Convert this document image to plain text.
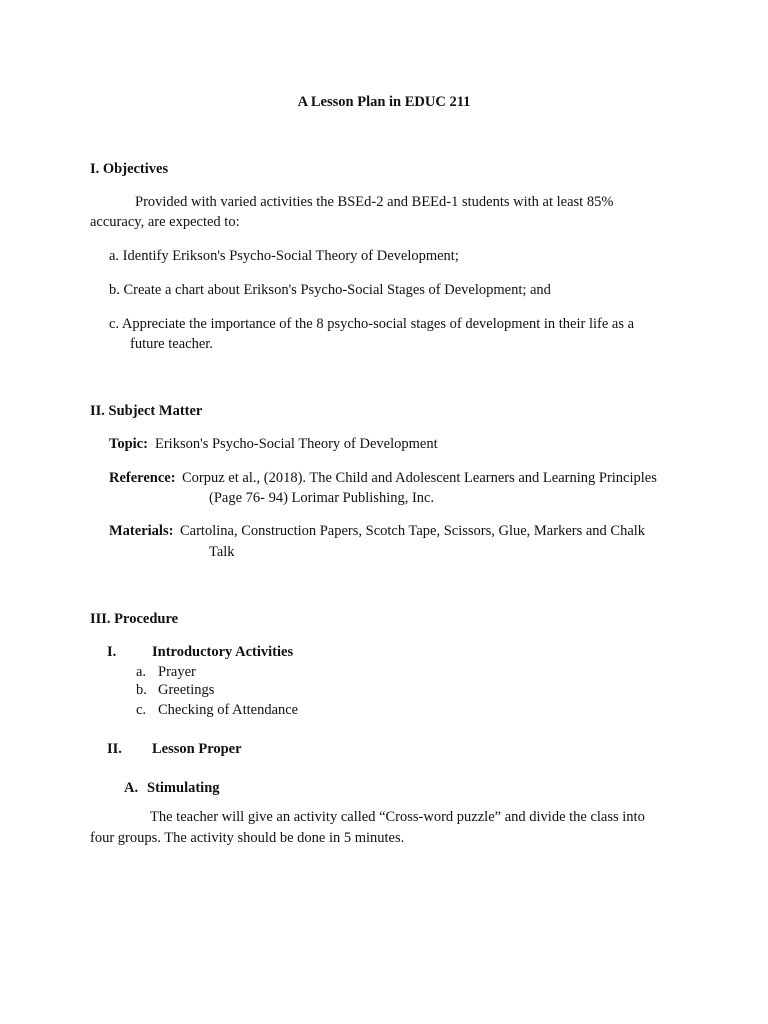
A Lesson Plan in EDUC 211
I. Objectives
Provided with varied activities the BSEd-2 and BEEd-1 students with at least 85%
accuracy, are expected to:
a. Identify Erikson's Psycho-Social Theory of Development;
b. Create a chart about Erikson's Psycho-Social Stages of Development; and
c. Appreciate the importance of the 8 psycho-social stages of development in their life as a
future teacher.
II. Subject Matter
Topic: Erikson's Psycho-Social Theory of Development
Reference: Corpuz et al., (2018). The Child and Adolescent Learners and Learning Principles
(Page 76- 94) Lorimar Publishing, Inc.
Materials: Cartolina, Construction Papers, Scotch Tape, Scissors, Glue, Markers and Chalk
Talk
III. Procedure
I. Introductory Activities
a. Prayer
b. Greetings
c. Checking of Attendance
II. Lesson Proper
A. Stimulating
The teacher will give an activity called “Cross-word puzzle” and divide the class into
four groups. The activity should be done in 5 minutes.
